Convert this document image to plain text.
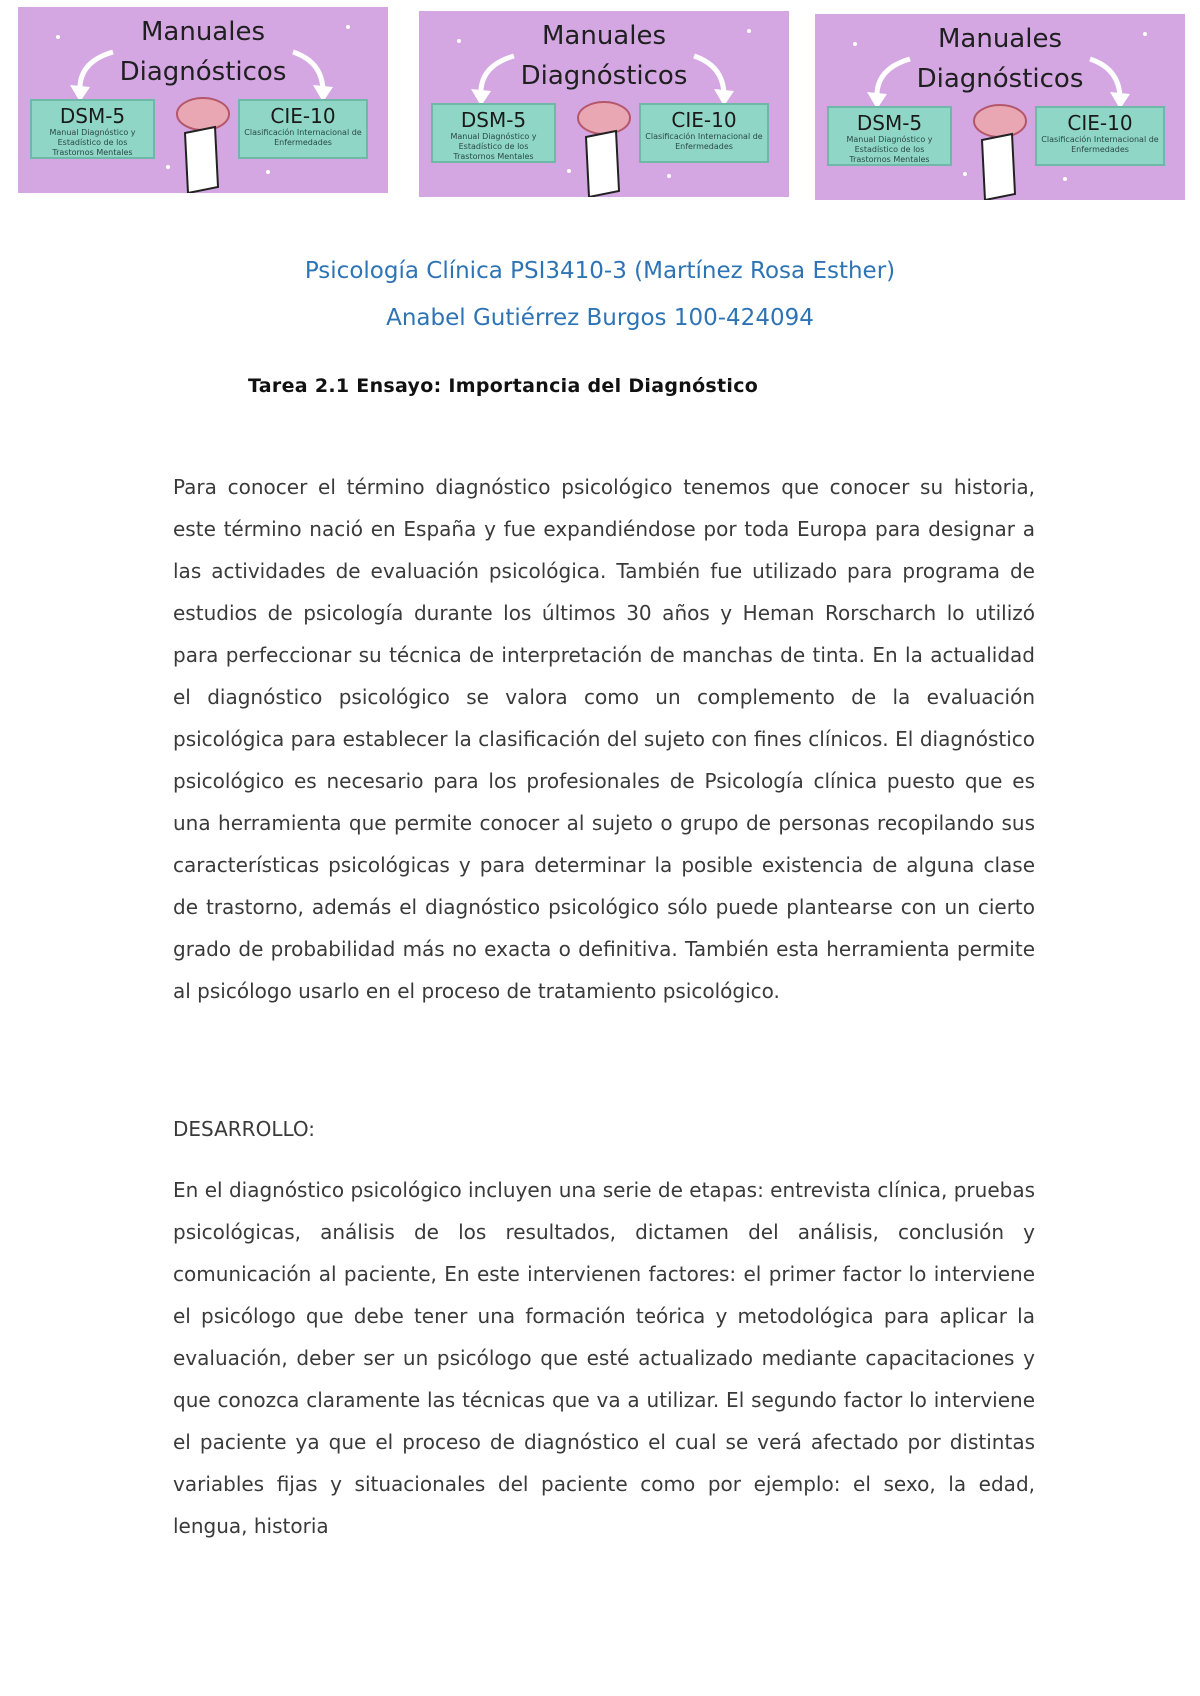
Manuales
Diagnósticos
DSM-5
Manual Diagnóstico y Estadístico de los Trastornos Mentales
CIE-10
Clasificación Internacional de Enfermedades
Manuales
Diagnósticos
DSM-5
Manual Diagnóstico y Estadístico de los Trastornos Mentales
CIE-10
Clasificación Internacional de Enfermedades
Manuales
Diagnósticos
DSM-5
Manual Diagnóstico y Estadístico de los Trastornos Mentales
CIE-10
Clasificación Internacional de Enfermedades
Psicología Clínica PSI3410-3 (Martínez Rosa Esther)
Anabel Gutiérrez Burgos 100-424094
Tarea 2.1 Ensayo: Importancia del Diagnóstico

Para conocer el término diagnóstico psicológico tenemos que conocer su historia, este término nació en España y fue expandiéndose por toda Europa para designar a las actividades de evaluación psicológica. También fue utilizado para programa de estudios de psicología durante los últimos 30 años y Heman Rorscharch lo utilizó para perfeccionar su técnica de interpretación de manchas de tinta. En la actualidad el diagnóstico psicológico se valora como un complemento de la evaluación psicológica para establecer la clasificación del sujeto con fines clínicos. El diagnóstico psicológico es necesario para los profesionales de Psicología clínica puesto que es una herramienta que permite conocer al sujeto o grupo de personas recopilando sus características psicológicas y para determinar la posible existencia de alguna clase de trastorno, además el diagnóstico psicológico sólo puede plantearse con un cierto grado de probabilidad más no exacta o definitiva. También esta herramienta permite al psicólogo usarlo en el proceso de tratamiento psicológico.

DESARROLLO:

En el diagnóstico psicológico incluyen una serie de etapas: entrevista clínica, pruebas psicológicas, análisis de los resultados, dictamen del análisis, conclusión y comunicación al paciente, En este intervienen factores: el primer factor lo interviene el psicólogo que debe tener una formación teórica y metodológica para aplicar la evaluación, deber ser un psicólogo que esté actualizado mediante capacitaciones y que conozca claramente las técnicas que va a utilizar. El segundo factor lo interviene el paciente ya que el proceso de diagnóstico el cual se verá afectado por distintas variables fijas y situacionales del paciente como por ejemplo: el sexo, la edad, lengua, historia
